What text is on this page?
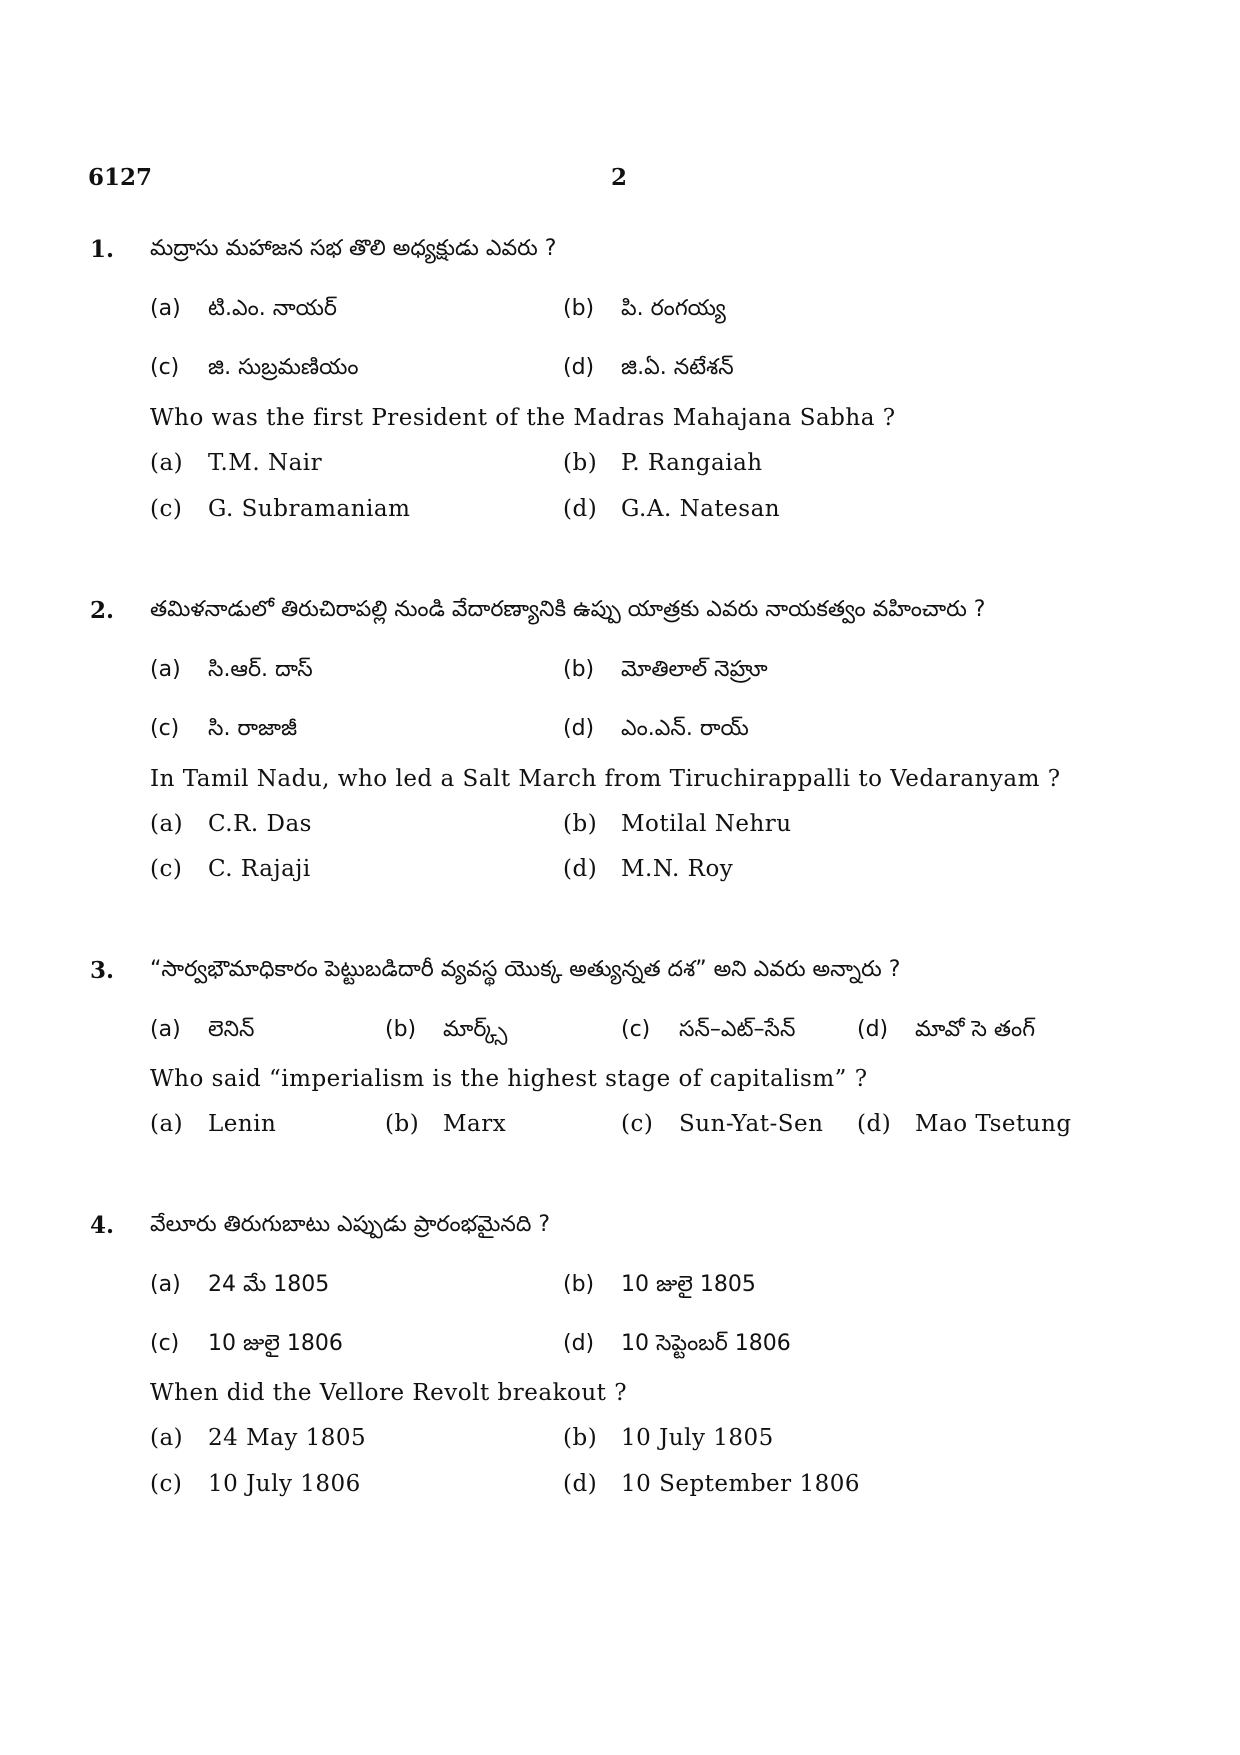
6127	2
1. మద్రాసు మహాజన సభ తొలి అధ్యక్షుడు ఎవరు ?
(a) టి.ఎం. నాయర్	(b) పి. రంగయ్య
(c) జి. సుబ్రమణియం	(d) జి.ఏ. నటేశన్
Who was the first President of the Madras Mahajana Sabha ?
(a) T.M. Nair	(b) P. Rangaiah
(c) G. Subramaniam	(d) G.A. Natesan
2. తమిళనాడులో తిరుచిరాపల్లి నుండి వేదారణ్యానికి ఉప్పు యాత్రకు ఎవరు నాయకత్వం వహించారు ?
(a) సి.ఆర్. దాస్	(b) మోతిలాల్ నెహ్రూ
(c) సి. రాజాజీ	(d) ఎం.ఎన్. రాయ్
In Tamil Nadu, who led a Salt March from Tiruchirappalli to Vedaranyam ?
(a) C.R. Das	(b) Motilal Nehru
(c) C. Rajaji	(d) M.N. Roy
3. “సార్వభౌమాధికారం పెట్టుబడిదారీ వ్యవస్థ యొక్క అత్యున్నత దశ” అని ఎవరు అన్నారు ?
(a) లెనిన్	(b) మార్క్స్	(c) సన్–ఎట్–సేన్	(d) మావో సె తంగ్
Who said “imperialism is the highest stage of capitalism” ?
(a) Lenin	(b) Marx	(c) Sun-Yat-Sen (d) Mao Tsetung
4. వేలూరు తిరుగుబాటు ఎప్పుడు ప్రారంభమైనది ?
(a) 24 మే 1805	(b) 10 జులై 1805
(c) 10 జులై 1806	(d) 10 సెప్టెంబర్ 1806
When did the Vellore Revolt breakout ?
(a) 24 May 1805	(b) 10 July 1805
(c) 10 July 1806	(d) 10 September 1806
